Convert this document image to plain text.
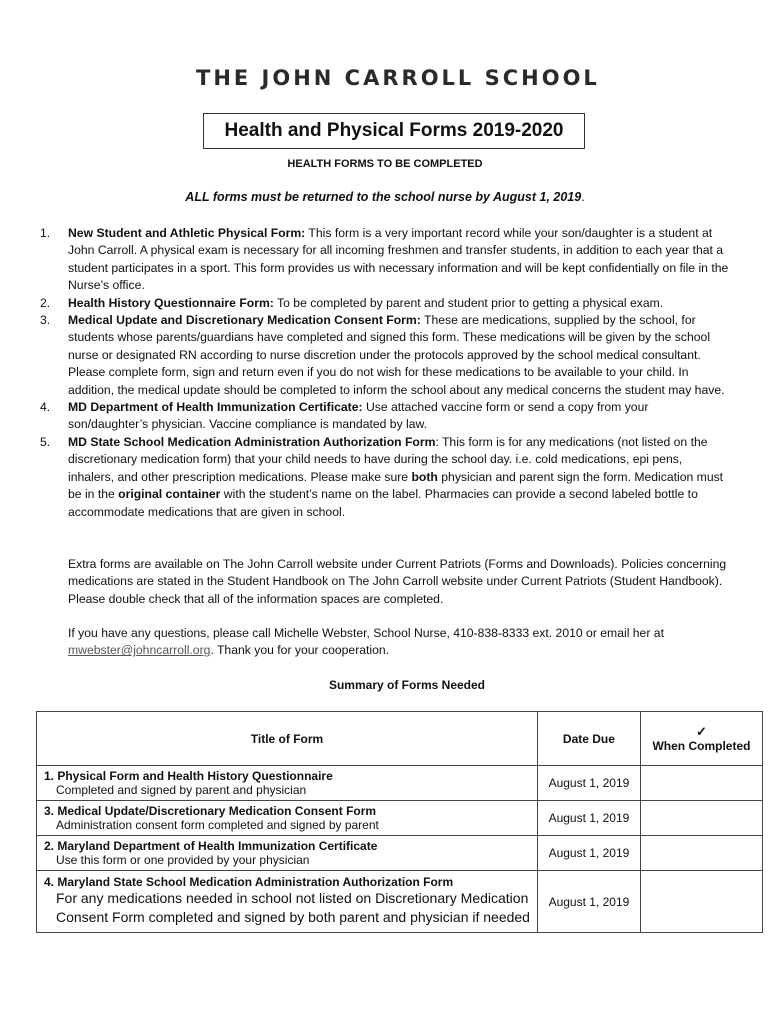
THE JOHN CARROLL SCHOOL
Health and Physical Forms 2019-2020
HEALTH FORMS TO BE COMPLETED
ALL forms must be returned to the school nurse by August 1, 2019.
1.	New Student and Athletic Physical Form: This form is a very important record while your son/daughter is a student at John Carroll. A physical exam is necessary for all incoming freshmen and transfer students, in addition to each year that a student participates in a sport. This form provides us with necessary information and will be kept confidentially on file in the Nurse’s office.
2.	Health History Questionnaire Form: To be completed by parent and student prior to getting a physical exam.
3.	Medical Update and Discretionary Medication Consent Form: These are medications, supplied by the school, for students whose parents/guardians have completed and signed this form. These medications will be given by the school nurse or designated RN according to nurse discretion under the protocols approved by the school medical consultant. Please complete form, sign and return even if you do not wish for these medications to be available to your child. In addition, the medical update should be completed to inform the school about any medical concerns the student may have.
4.	MD Department of Health Immunization Certificate: Use attached vaccine form or send a copy from your son/daughter’s physician. Vaccine compliance is mandated by law.
5.	MD State School Medication Administration Authorization Form: This form is for any medications (not listed on the discretionary medication form) that your child needs to have during the school day. i.e. cold medications, epi pens, inhalers, and other prescription medications. Please make sure both physician and parent sign the form. Medication must be in the original container with the student’s name on the label. Pharmacies can provide a second labeled bottle to accommodate medications that are given in school.
Extra forms are available on The John Carroll website under Current Patriots (Forms and Downloads). Policies concerning medications are stated in the Student Handbook on The John Carroll website under Current Patriots (Student Handbook). Please double check that all of the information spaces are completed.
If you have any questions, please call Michelle Webster, School Nurse, 410-838-8333 ext. 2010 or email her at mwebster@johncarroll.org. Thank you for your cooperation.
Summary of Forms Needed
Title of Form	Date Due	✓
When Completed

1. Physical Form and Health History Questionnaire
Completed and signed by parent and physician	August 1, 2019	

3. Medical Update/Discretionary Medication Consent Form
Administration consent form completed and signed by parent	August 1, 2019	

2. Maryland Department of Health Immunization Certificate
Use this form or one provided by your physician	August 1, 2019	

4. Maryland State School Medication Administration Authorization Form
For any medications needed in school not listed on Discretionary Medication Consent Form completed and signed by both parent and physician if needed	August 1, 2019	
